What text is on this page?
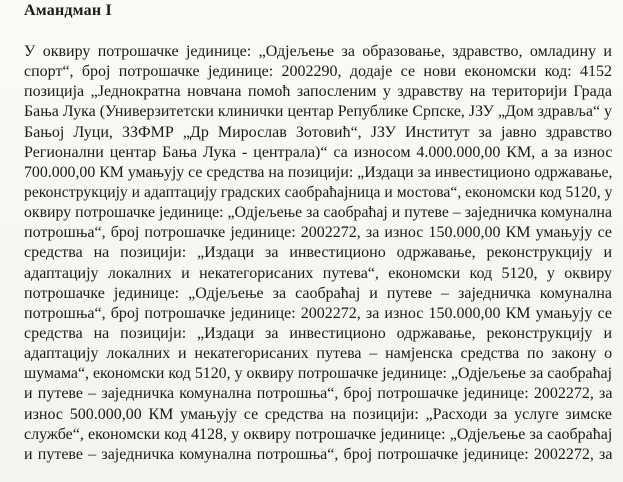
Амандман I
У оквиру потрошачке јединице: „Одјељење за образовање, здравство, омладину и
спорт“, број потрошачке јединице: 2002290, додаје се нови економски код: 4152
позиција „Једнократна новчана помоћ запосленим у здравству на територији Града
Бања Лука (Универзитетски клинички центар Републике Српске, ЈЗУ „Дом здравља“ у
Бањој Луци, ЗЗФМР „Др Мирослав Зотовић“, ЈЗУ Институт за јавно здравство
Регионални центар Бања Лука - централа)“ са износом 4.000.000,00 КМ, а за износ
700.000,00 КМ умањују се средства на позицији: „Издаци за инвестиционо одржавање,
реконструкцију и адаптацију градских саобраћајница и мостова“, економски код 5120, у
оквиру потрошачке јединице: „Одјељење за саобраћај и путеве – заједничка комунална
потрошња“, број потрошачке јединице: 2002272, за износ 150.000,00 КМ умањују се
средства на позицији: „Издаци за инвестиционо одржавање, реконструкцију и
адаптацију локалних и некатегорисаних путева“, економски код 5120, у оквиру
потрошачке јединице: „Одјељење за саобраћај и путеве – заједничка комунална
потрошња“, број потрошачке јединице: 2002272, за износ 150.000,00 КМ умањују се
средства на позицији: „Издаци за инвестиционо одржавање, реконструкцију и
адаптацију локалних и некатегорисаних путева – намјенска средства по закону о
шумама“, економски код 5120, у оквиру потрошачке јединице: „Одјељење за саобраћај
и путеве – заједничка комунална потрошња“, број потрошачке јединице: 2002272, за
износ 500.000,00 КМ умањују се средства на позицији: „Расходи за услуге зимске
службе“, економски код 4128, у оквиру потрошачке јединице: „Одјељење за саобраћај
и путеве – заједничка комунална потрошња“, број потрошачке јединице: 2002272, за
